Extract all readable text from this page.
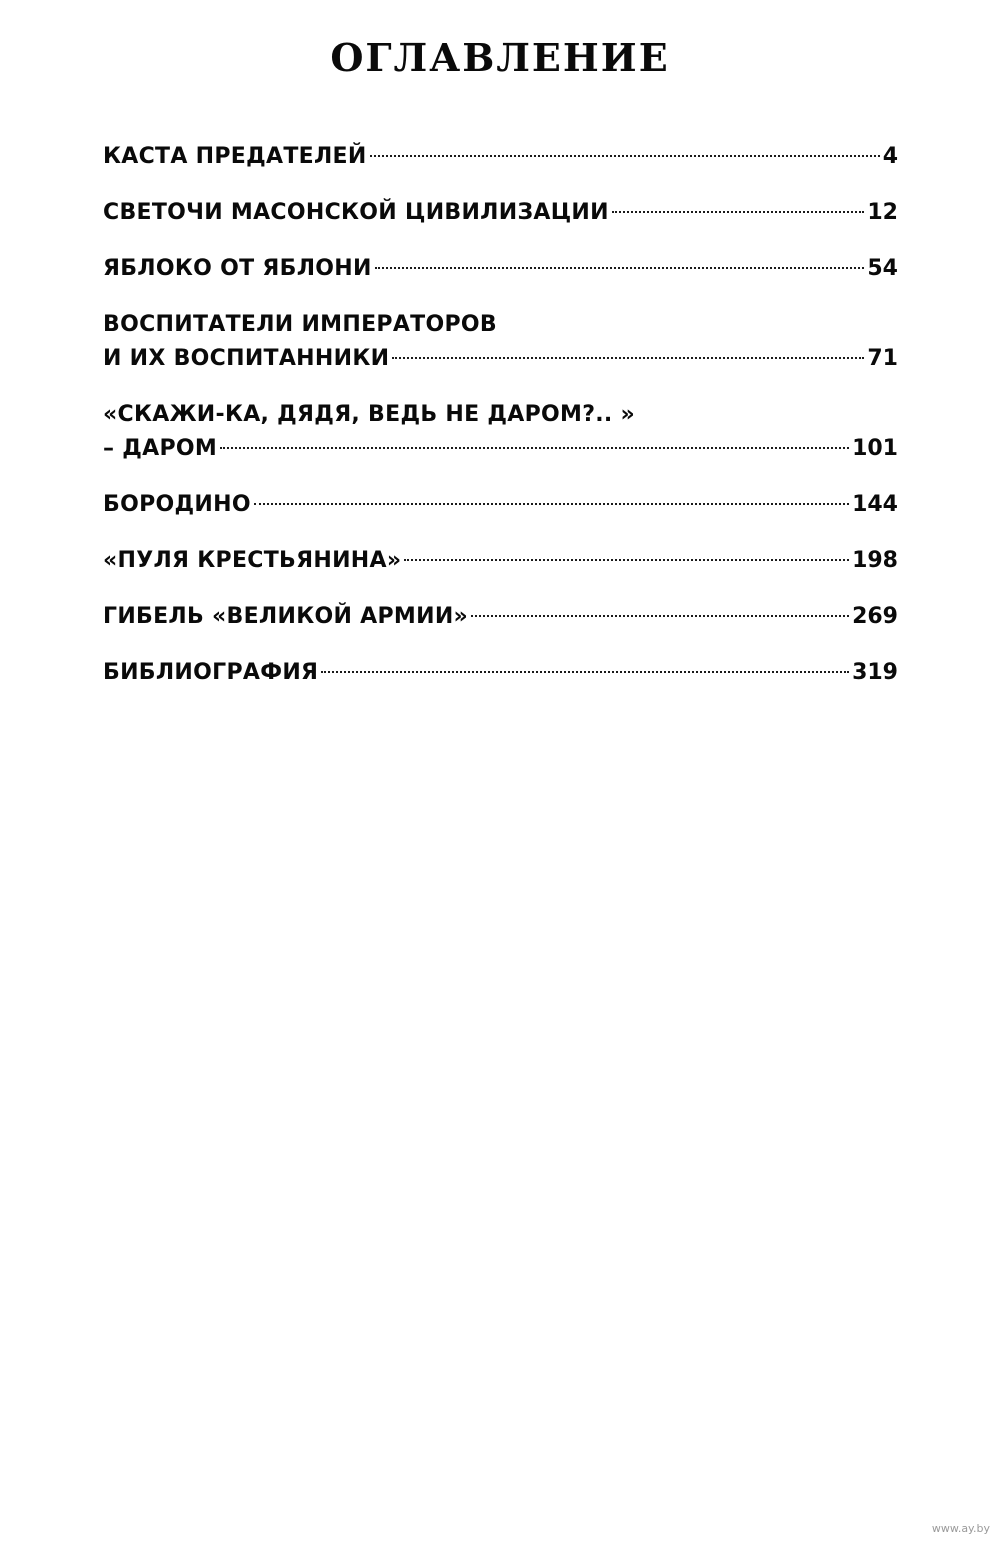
ОГЛАВЛЕНИЕ
КАСТА ПРЕДАТЕЛЕЙ	4
СВЕТОЧИ МАСОНСКОЙ ЦИВИЛИЗАЦИИ	12
ЯБЛОКО ОТ ЯБЛОНИ	54
ВОСПИТАТЕЛИ ИМПЕРАТОРОВ
И ИХ ВОСПИТАННИКИ	71
«СКАЖИ-КА, ДЯДЯ, ВЕДЬ НЕ ДАРОМ?.. »
– ДАРОМ	101
БОРОДИНО	144
«ПУЛЯ КРЕСТЬЯНИНА»	198
ГИБЕЛЬ «ВЕЛИКОЙ АРМИИ»	269
БИБЛИОГРАФИЯ	319
www.ay.by
